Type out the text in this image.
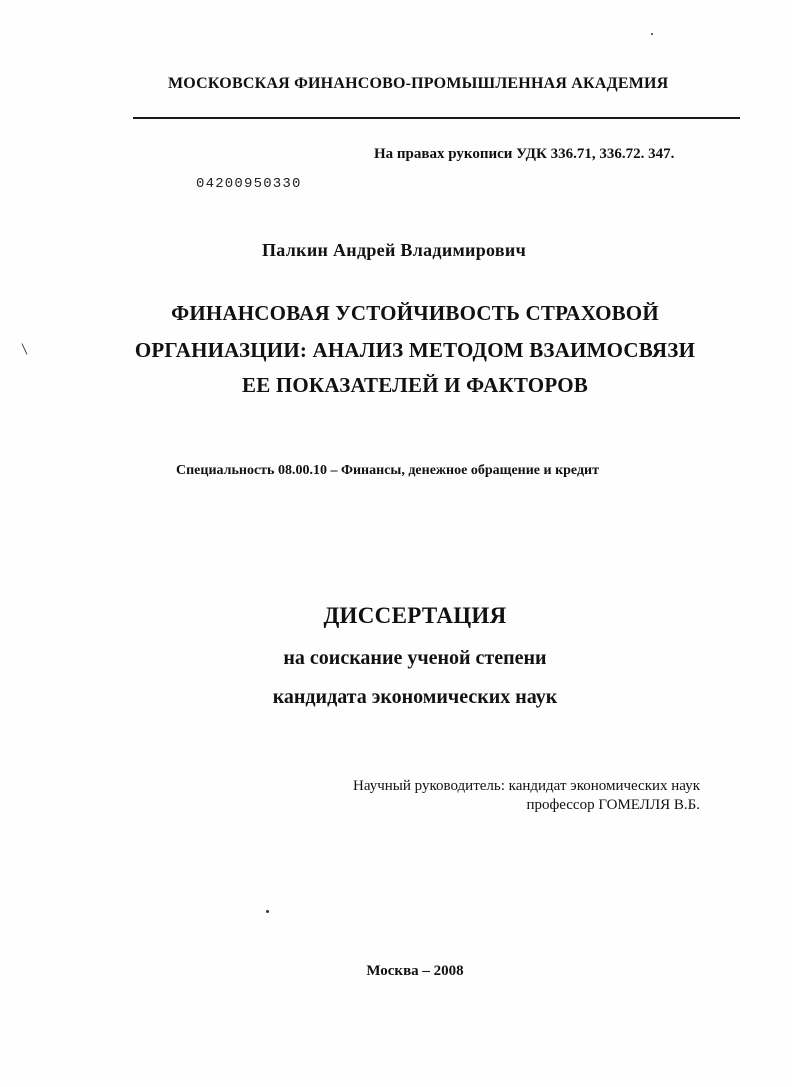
МОСКОВСКАЯ ФИНАНСОВО-ПРОМЫШЛЕННАЯ АКАДЕМИЯ

На правах рукописи УДК 336.71, 336.72. 347.

04200950330

Палкин Андрей Владимирович

ФИНАНСОВАЯ УСТОЙЧИВОСТЬ СТРАХОВОЙ

ОРГАНИАЗЦИИ: АНАЛИЗ МЕТОДОМ ВЗАИМОСВЯЗИ

ЕЕ ПОКАЗАТЕЛЕЙ И ФАКТОРОВ

Специальность 08.00.10 – Финансы, денежное обращение и кредит

ДИССЕРТАЦИЯ

на соискание ученой степени

кандидата экономических наук

Научный руководитель: кандидат экономических наук
профессор ГОМЕЛЛЯ В.Б.

Москва – 2008
